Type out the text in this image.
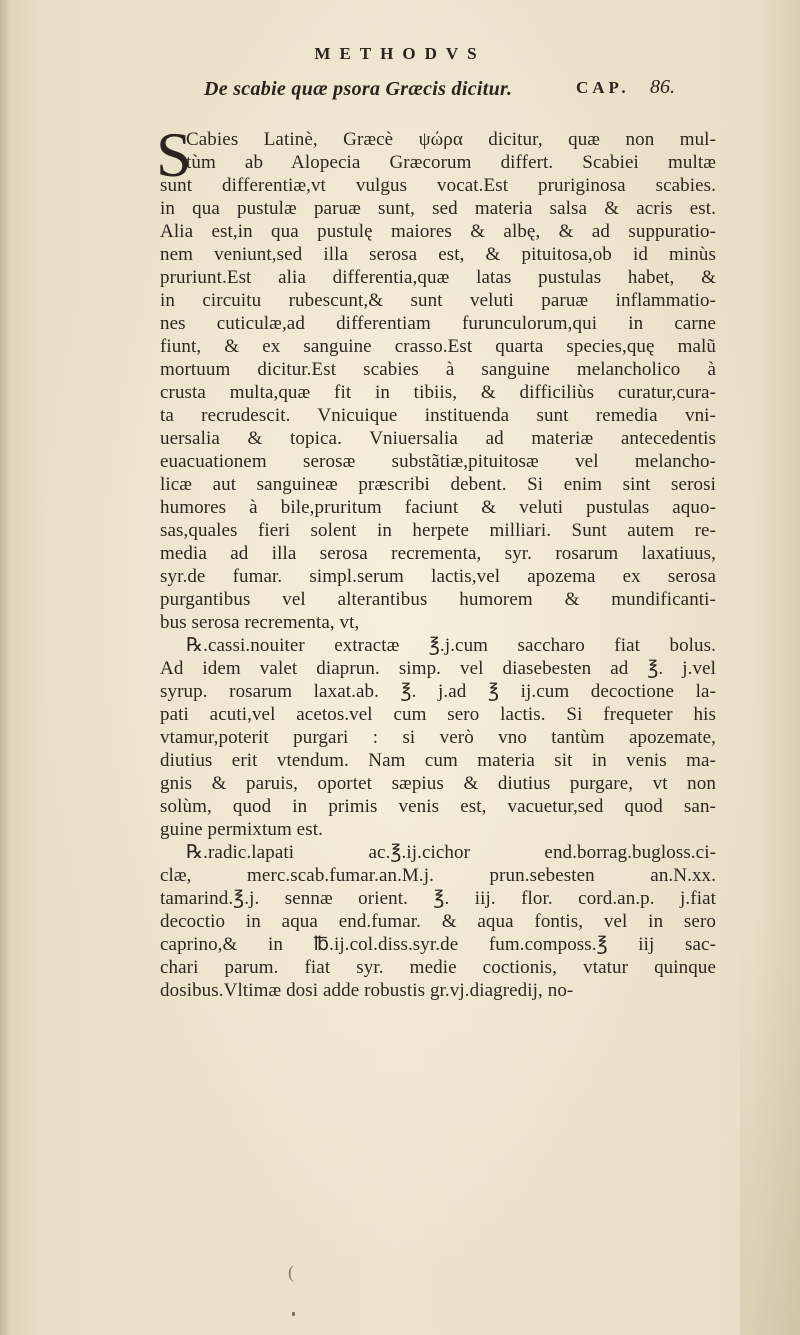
METHODVS
De scabie quæ psora Græcis dicitur.	CAP. 86.
S
Cabies Latinè, Græcè ψώρα dicitur, quæ non mul-
tùm ab Alopecia Græcorum differt. Scabiei multæ
sunt differentiæ,vt vulgus vocat.Est pruriginosa scabies.
in qua pustulæ paruæ sunt, sed materia salsa & acris est.
Alia est,in qua pustulę maiores & albę, & ad suppuratio-
nem veniunt,sed illa serosa est, & pituitosa,ob id minùs
pruriunt.Est alia differentia,quæ latas pustulas habet, &
in circuitu rubescunt,& sunt veluti paruæ inflammatio-
nes cuticulæ,ad differentiam furunculorum,qui in carne
fiunt, & ex sanguine crasso.Est quarta species,quę malũ
mortuum dicitur.Est scabies à sanguine melancholico à
crusta multa,quæ fit in tibiis, & difficiliùs curatur,cura-
ta recrudescit. Vnicuique instituenda sunt remedia vni-
uersalia & topica. Vniuersalia ad materiæ antecedentis
euacuationem serosæ substãtiæ,pituitosæ vel melancho-
licæ aut sanguineæ præscribi debent. Si enim sint serosi
humores à bile,pruritum faciunt & veluti pustulas aquo-
sas,quales fieri solent in herpete milliari. Sunt autem re-
media ad illa serosa recrementa, syr. rosarum laxatiuus,
syr.de fumar. simpl.serum lactis,vel apozema ex serosa
purgantibus vel alterantibus humorem & mundificanti-
bus serosa recrementa, vt,
℞.cassi.nouiter extractæ ℥.j.cum saccharo fiat bolus.
Ad idem valet diaprun. simp. vel diasebesten ad ℥. j.vel
syrup. rosarum laxat.ab. ℥. j.ad ℥ ij.cum decoctione la-
pati acuti,vel acetos.vel cum sero lactis. Si frequeter his
vtamur,poterit purgari : si verò vno tantùm apozemate,
diutius erit vtendum. Nam cum materia sit in venis ma-
gnis & paruis, oportet sæpius & diutius purgare, vt non
solùm, quod in primis venis est, vacuetur,sed quod san-
guine permixtum est.
℞.radic.lapati ac.℥.ij.cichor end.borrag.bugloss.ci-
clæ, merc.scab.fumar.an.M.j. prun.sebesten an.N.xx.
tamarind.℥.j. sennæ orient. ℥. iij. flor. cord.an.p. j.fiat
decoctio in aqua end.fumar. & aqua fontis, vel in sero
caprino,& in ℔.ij.col.diss.syr.de fum.composs.℥ iij sac-
chari parum. fiat syr. medie coctionis, vtatur quinque
dosibus.Vltimæ dosi adde robustis gr.vj.diagredij, no-
(
